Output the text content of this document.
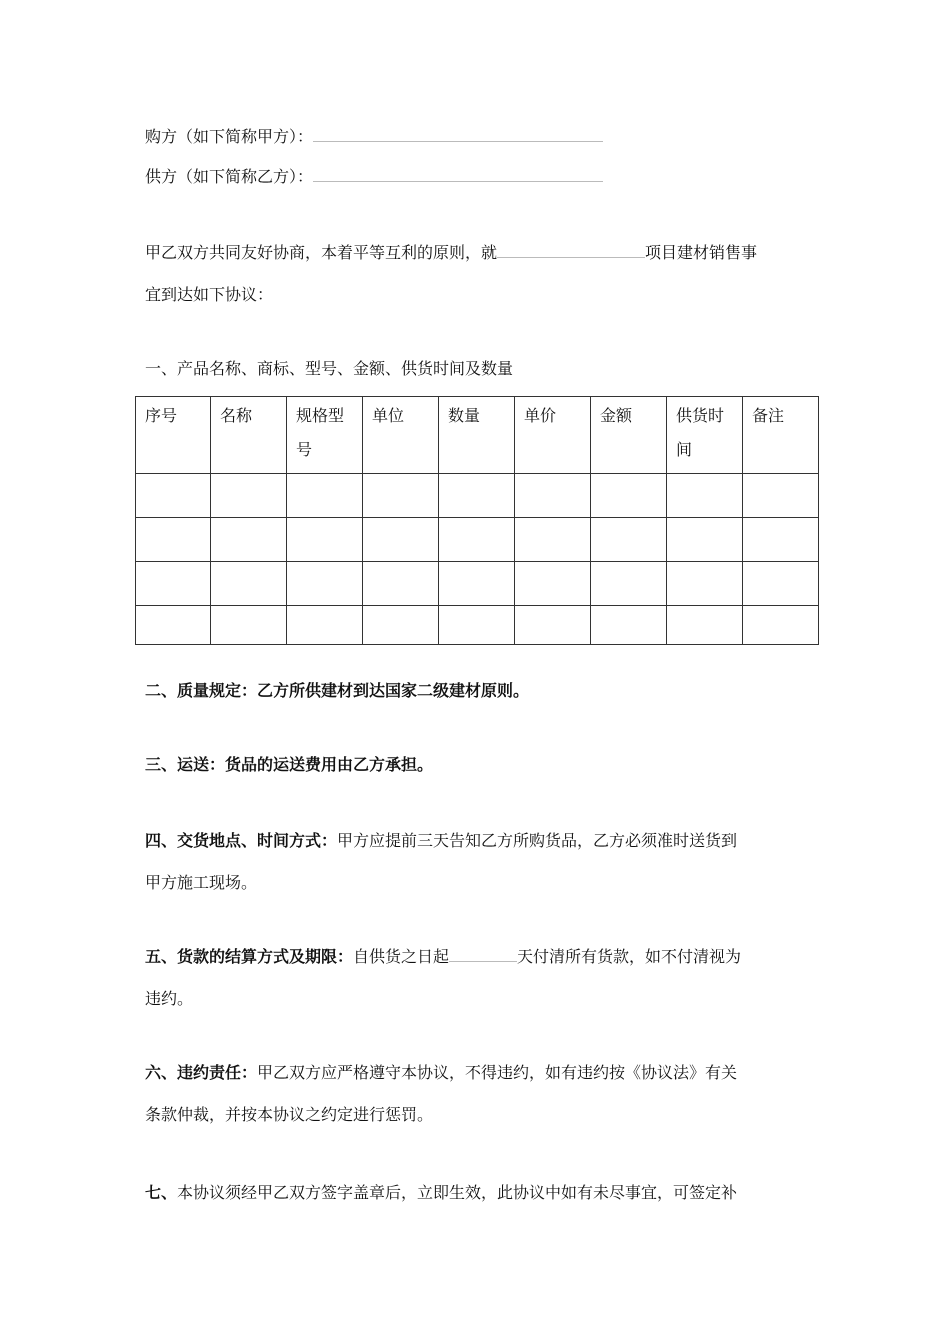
购方（如下简称甲方）：
供方（如下简称乙方）：
甲乙双方共同友好协商，本着平等互利的原则，就	项目建材销售事
宜到达如下协议：
一、产品名称、商标、型号、金额、供货时间及数量
序号	名称	规格型号	单位	数量	单价	金额	供货时间	备注

二、质量规定：乙方所供建材到达国家二级建材原则。
三、运送：货品的运送费用由乙方承担。
四、交货地点、时间方式：甲方应提前三天告知乙方所购货品，乙方必须准时送货到
甲方施工现场。
五、货款的结算方式及期限：自供货之日起	天付清所有货款，如不付清视为
违约。
六、违约责任：甲乙双方应严格遵守本协议，不得违约，如有违约按《协议法》有关
条款仲裁，并按本协议之约定进行惩罚。
七、本协议须经甲乙双方签字盖章后，立即生效，此协议中如有未尽事宜，可签定补
